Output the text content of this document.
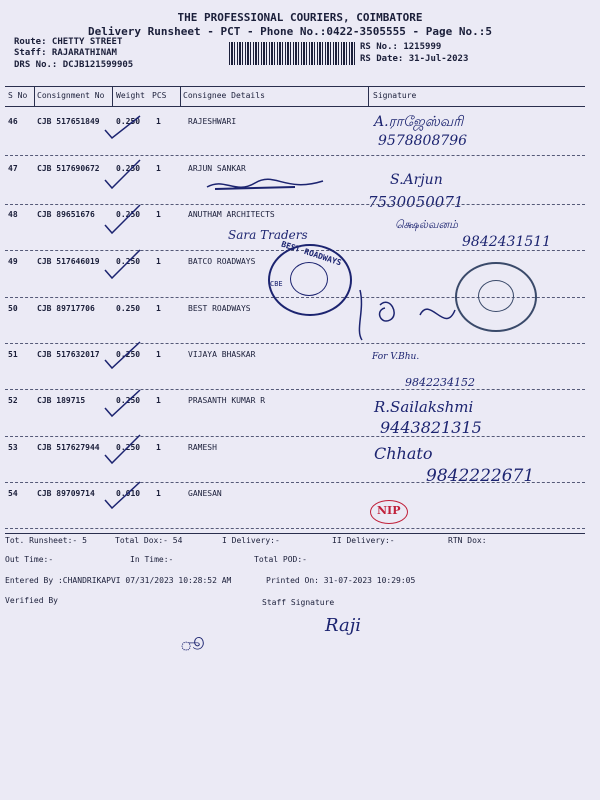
THE PROFESSIONAL COURIERS, COIMBATORE
Delivery Runsheet - PCT - Phone No.:0422-3505555 - Page No.:5
Route: CHETTY STREET
Staff: RAJARATHINAM
DRS No.: DCJB121599905
RS No.: 1215999
RS Date: 31-Jul-2023
S No Consignment No Weight PCS Consignee Details	Signature
46 CJB 517651849 0.250 1	RAJESHWARI	A.ராஜேஸ்வரி
9578808796
47 CJB 517690672 0.250 1	ARJUN SANKAR
S.Arjun
7530050071
48 CJB 89651676	0.250 1	ANUTHAM ARCHITECTS
Sara Traders
க்ஷெல்வனம்
9842431511
49 CJB 517646019 0.250 1	BATCO ROADWAYS	BEST ROADWAYS
CBE
50 CJB 89717706	0.250 1	BEST ROADWAYS
51 CJB 517632017 0.250 1	VIJAYA BHASKAR	For V.Bhu.
9842234152
52 CJB 189715	0.250 1	PRASANTH KUMAR R	R.Sailakshmi
9443821315
53 CJB 517627944 0.250 1	RAMESH	Chhato
9842222671
54 CJB 89709714	0.010 1	GANESAN
NIP
Tot. Runsheet:- 5	Total Dox:- 54	I Delivery:-	II Delivery:-	RTN Dox:
Out Time:-	In Time:-	Total POD:-
Entered By :CHANDRIKAPVI 07/31/2023 10:28:52 AM	Printed On: 31-07-2023 10:29:05
Verified By	Staff Signature
Raji
ூ
